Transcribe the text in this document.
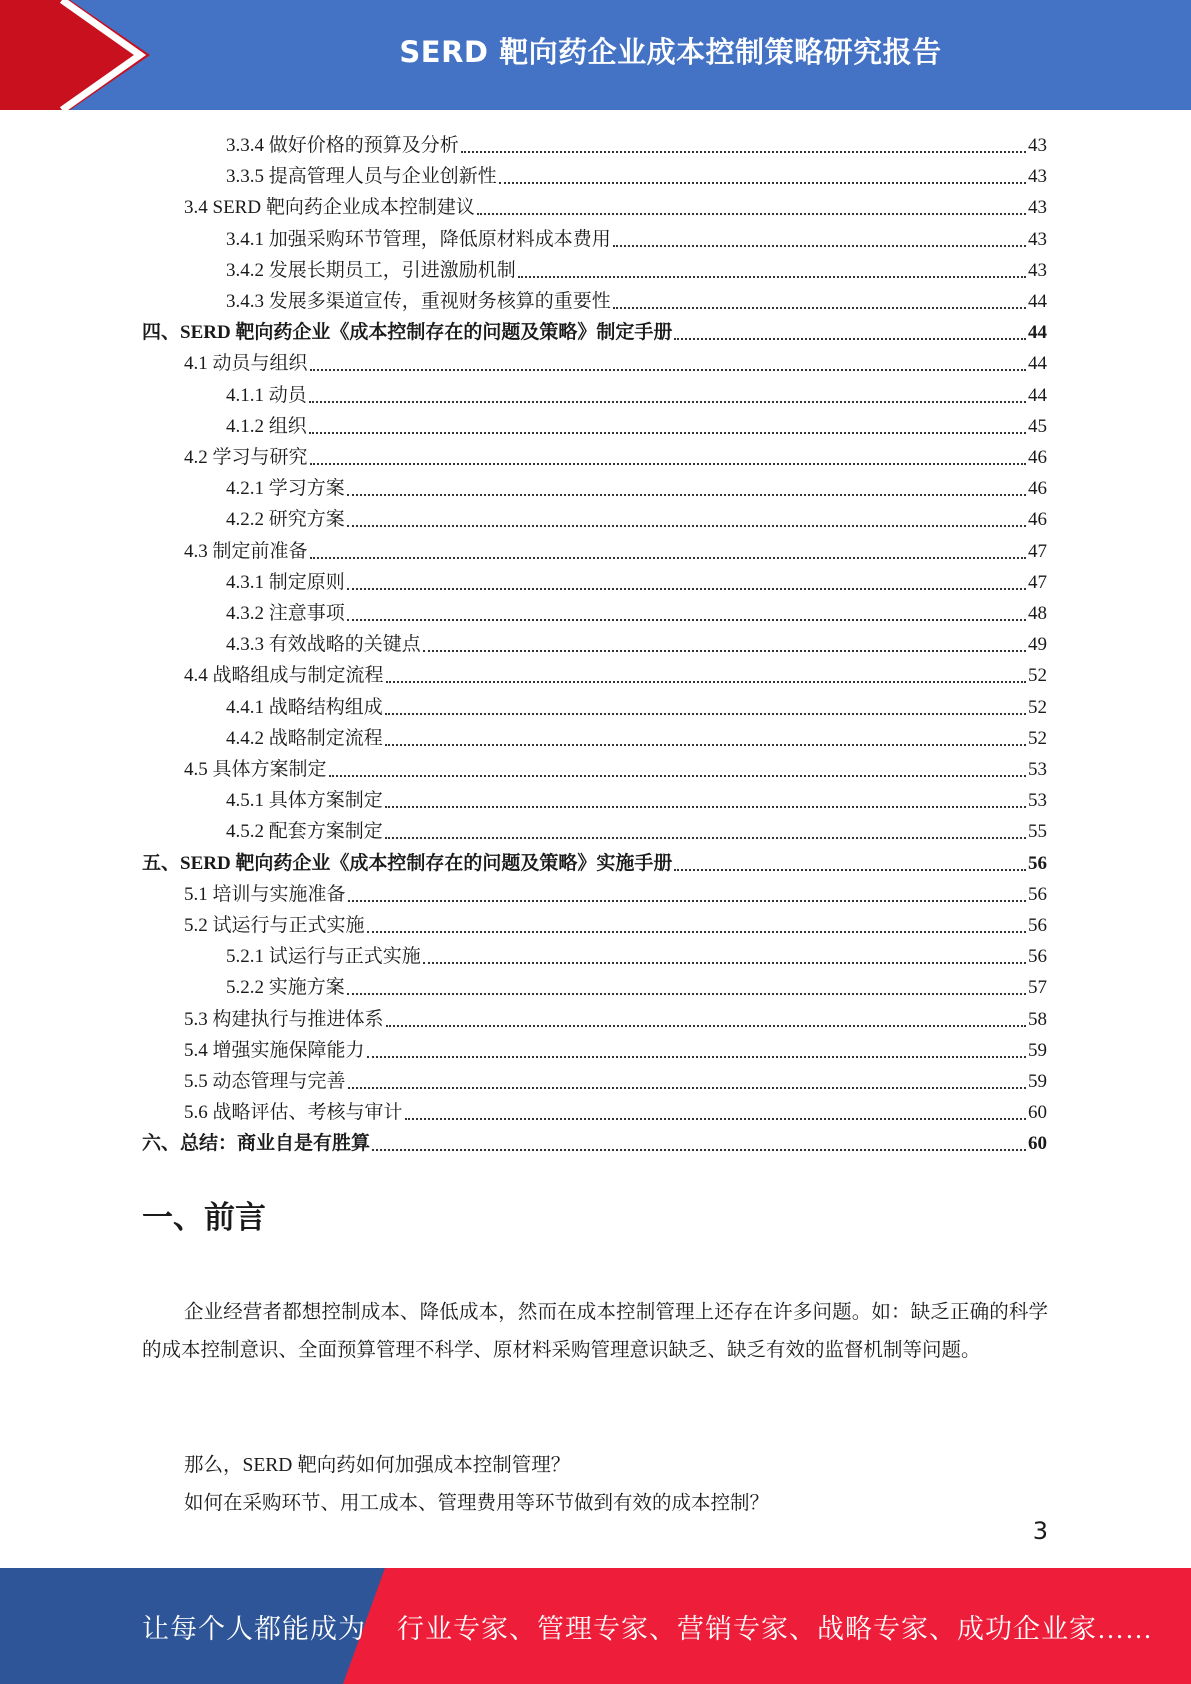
SERD 靶向药企业成本控制策略研究报告
3.3.4 做好价格的预算及分析	43
3.3.5 提高管理人员与企业创新性	43
3.4 SERD 靶向药企业成本控制建议	43
3.4.1 加强采购环节管理，降低原材料成本费用	43
3.4.2 发展长期员工，引进激励机制	43
3.4.3 发展多渠道宣传，重视财务核算的重要性	44
四、SERD 靶向药企业《成本控制存在的问题及策略》制定手册	44
4.1 动员与组织	44
4.1.1 动员	44
4.1.2 组织	45
4.2 学习与研究	46
4.2.1 学习方案	46
4.2.2 研究方案	46
4.3 制定前准备	47
4.3.1 制定原则	47
4.3.2 注意事项	48
4.3.3 有效战略的关键点	49
4.4 战略组成与制定流程	52
4.4.1 战略结构组成	52
4.4.2 战略制定流程	52
4.5 具体方案制定	53
4.5.1 具体方案制定	53
4.5.2 配套方案制定	55
五、SERD 靶向药企业《成本控制存在的问题及策略》实施手册	56
5.1 培训与实施准备	56
5.2 试运行与正式实施	56
5.2.1 试运行与正式实施	56
5.2.2 实施方案	57
5.3 构建执行与推进体系	58
5.4 增强实施保障能力	59
5.5 动态管理与完善	59
5.6 战略评估、考核与审计	60
六、总结：商业自是有胜算	60
一、前言

企业经营者都想控制成本、降低成本，然而在成本控制管理上还存在许多问题。如：缺乏正确的科学的成本控制意识、全面预算管理不科学、原材料采购管理意识缺乏、缺乏有效的监督机制等问题。

那么，SERD 靶向药如何加强成本控制管理？

如何在采购环节、用工成本、管理费用等环节做到有效的成本控制？

3
让每个人都能成为 行业专家、管理专家、营销专家、战略专家、成功企业家……
